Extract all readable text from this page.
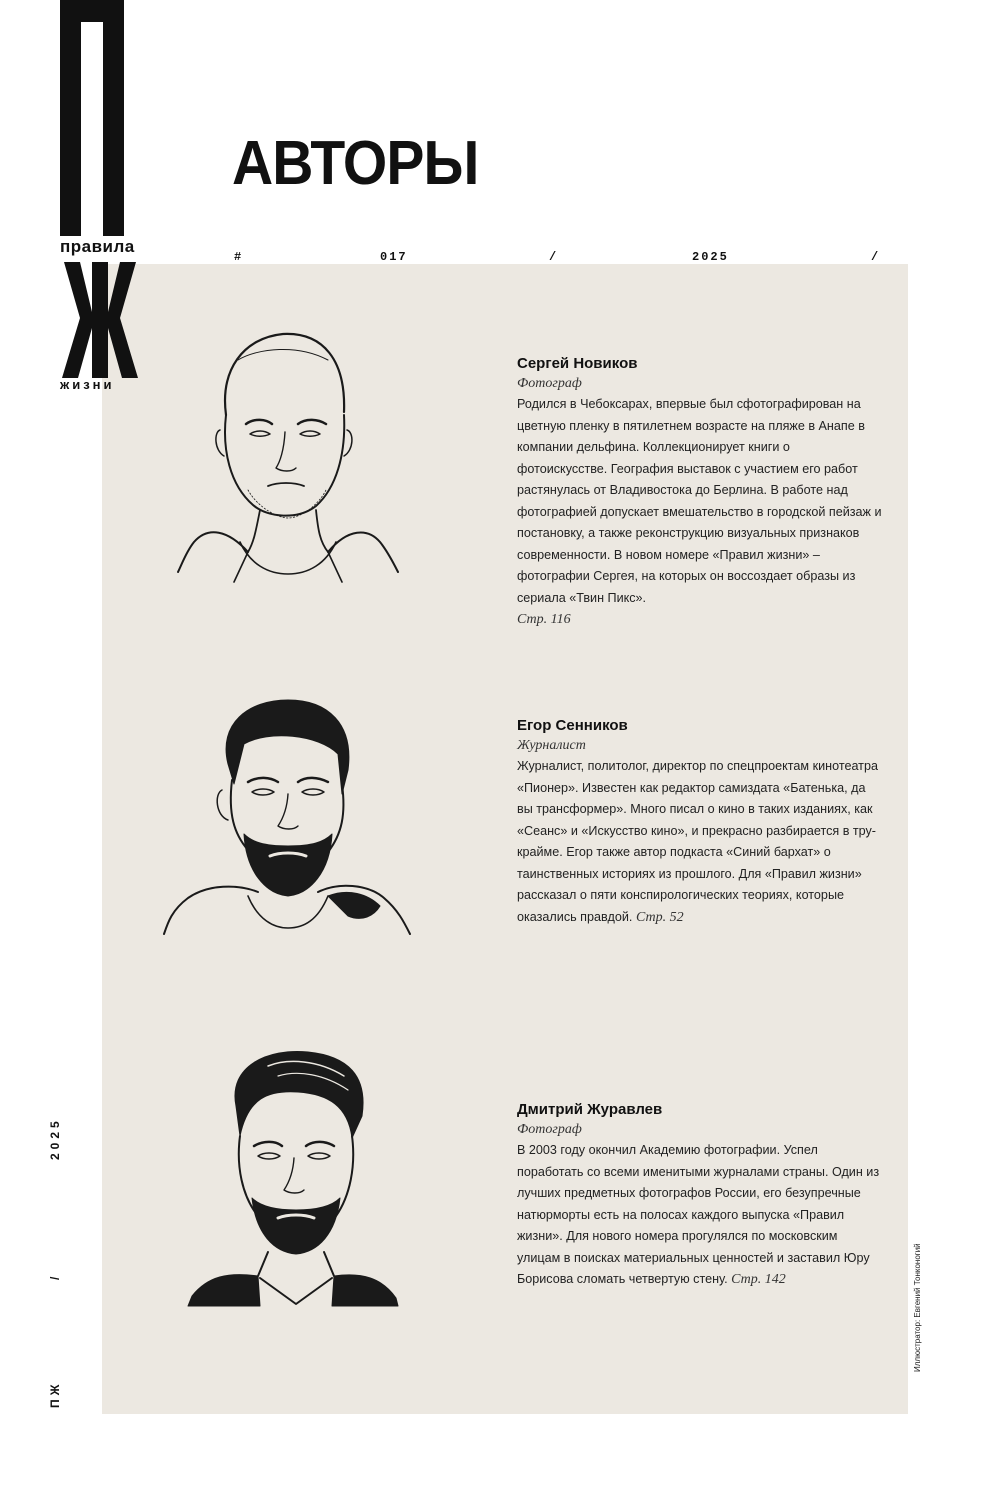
правила
жизни
АВТОРЫ
#	017	/	2025	/
2025
/
ПЖ
Иллюстратор: Евгений Тонконогий

Сергей Новиков

Фотограф

Родился в Чебоксарах, впервые был сфотографирован на цветную пленку в пятилетнем возрасте на пляже в Анапе в компании дельфина. Коллекционирует книги о фотоискусстве. География выставок с участием его работ растянулась от Владивостока до Берлина. В работе над фотографией допускает вмешательство в городской пейзаж и постановку, а также реконструкцию визуальных признаков современности. В новом номере «Правил жизни» – фотографии Сергея, на которых он воссоздает образы из сериала «Твин Пикс».
Стр. 116

Егор Сенников

Журналист

Журналист, политолог, директор по спецпроектам кинотеатра «Пионер». Известен как редактор самиздата «Батенька, да вы трансформер». Много писал о кино в таких изданиях, как «Сеанс» и «Искусство кино», и прекрасно разбирается в тру-крайме. Егор также автор подкаста «Синий бархат» о таинственных историях из прошлого. Для «Правил жизни» рассказал о пяти конспирологических теориях, которые оказались правдой. Стр. 52

Дмитрий Журавлев

Фотограф

В 2003 году окончил Академию фотографии. Успел поработать со всеми именитыми журналами страны. Один из лучших предметных фотографов России, его безупречные натюрморты есть на полосах каждого выпуска «Правил жизни». Для нового номера прогулялся по московским улицам в поисках материальных ценностей и заставил Юру Борисова сломать четвертую стену. Стр. 142
